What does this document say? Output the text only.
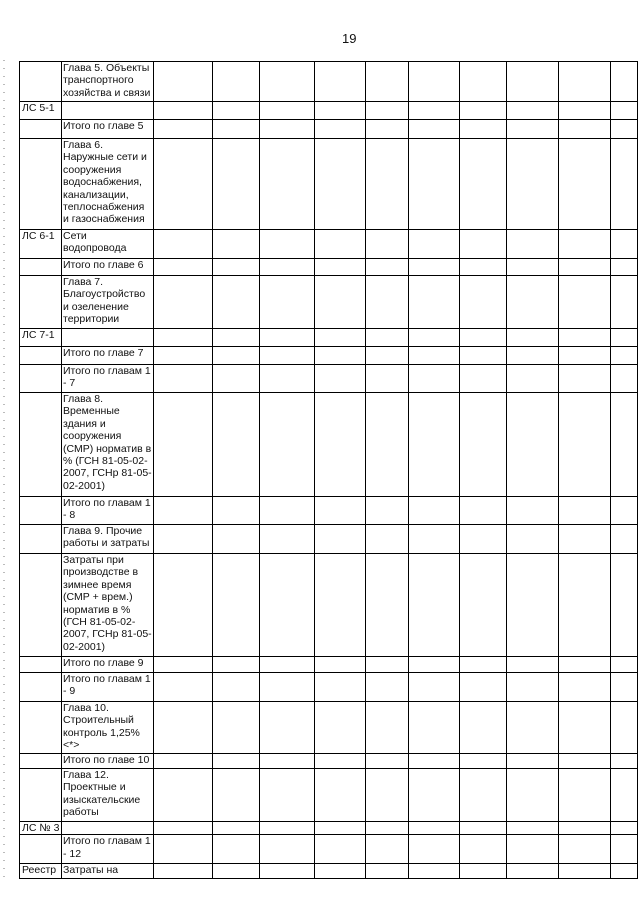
19
	Глава 5. Объекты транспортного хозяйства и связи										
ЛС 5-1											
	Итого по главе 5										
	Глава 6. Наружные сети и сооружения водоснабжения, канализации, теплоснабжения и газоснабжения										
ЛС 6-1	Сети водопровода										
	Итого по главе 6										
	Глава 7. Благоустройство и озеленение территории										
ЛС 7-1											
	Итого по главе 7										
	Итого по главам 1 - 7										
	Глава 8. Временные здания и сооружения (СМР) норматив в % (ГСН 81-05-02-2007, ГСНр 81-05-02-2001)										
	Итого по главам 1 - 8										
	Глава 9. Прочие работы и затраты										
	Затраты при производстве в зимнее время (СМР + врем.) норматив в % (ГСН 81-05-02-2007, ГСНр 81-05-02-2001)										
	Итого по главе 9										
	Итого по главам 1 - 9										
	Глава 10. Строительный контроль 1,25% <*>										
	Итого по главе 10										
	Глава 12. Проектные и изыскательские работы										
ЛС № 3											
	Итого по главам 1 - 12										
Реестр	Затраты на										
